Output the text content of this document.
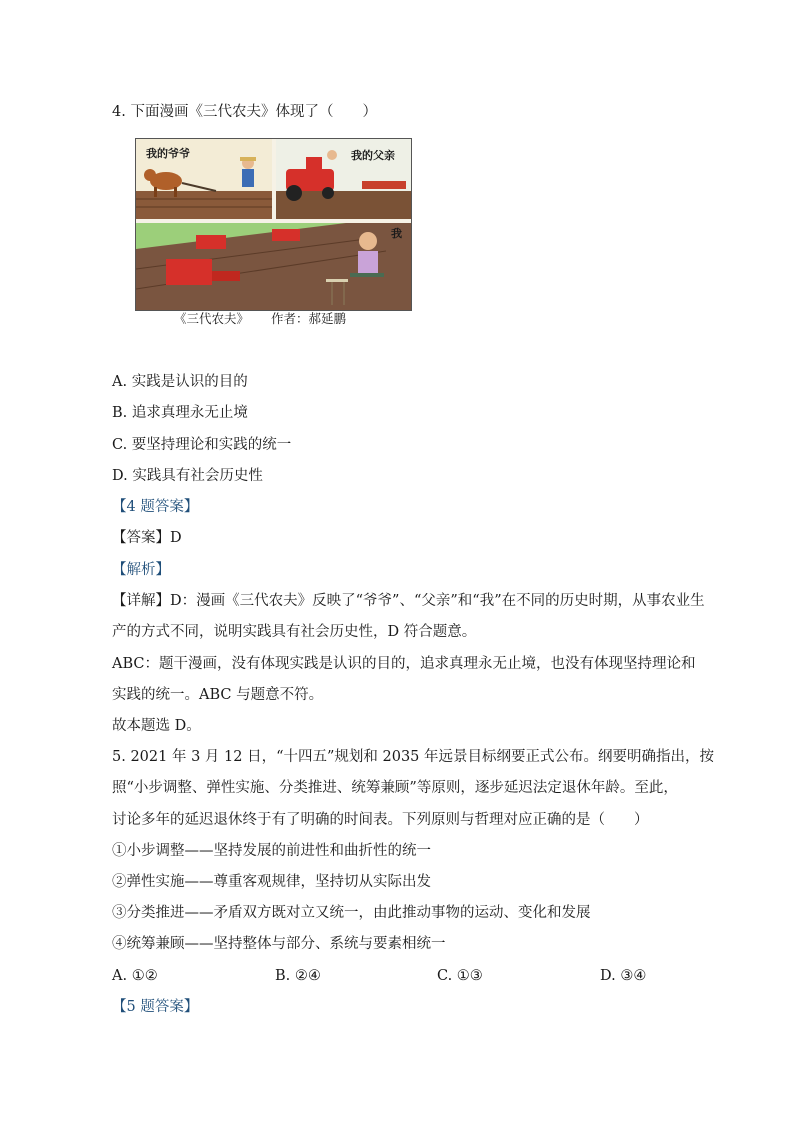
4. 下面漫画《三代农夫》体现了（　　）
我的爷爷	我的父亲
我
《三代农夫》 作者：郝延鹏
A. 实践是认识的目的
B. 追求真理永无止境
C. 要坚持理论和实践的统一
D. 实践具有社会历史性
【4 题答案】
【答案】D
【解析】
【详解】D：漫画《三代农夫》反映了“爷爷”、“父亲”和“我”在不同的历史时期，从事农业生
产的方式不同，说明实践具有社会历史性，D 符合题意。
ABC：题干漫画，没有体现实践是认识的目的，追求真理永无止境，也没有体现坚持理论和
实践的统一。ABC 与题意不符。
故本题选 D。
5. 2021 年 3 月 12 日，“十四五”规划和 2035 年远景目标纲要正式公布。纲要明确指出，按
照“小步调整、弹性实施、分类推进、统筹兼顾”等原则，逐步延迟法定退休年龄。至此，
讨论多年的延迟退休终于有了明确的时间表。下列原则与哲理对应正确的是（　　）
①小步调整——坚持发展的前进性和曲折性的统一
②弹性实施——尊重客观规律，坚持切从实际出发
③分类推进——矛盾双方既对立又统一，由此推动事物的运动、变化和发展
④统筹兼顾——坚持整体与部分、系统与要素相统一
A. ①②	B. ②④	C. ①③	D. ③④
【5 题答案】
